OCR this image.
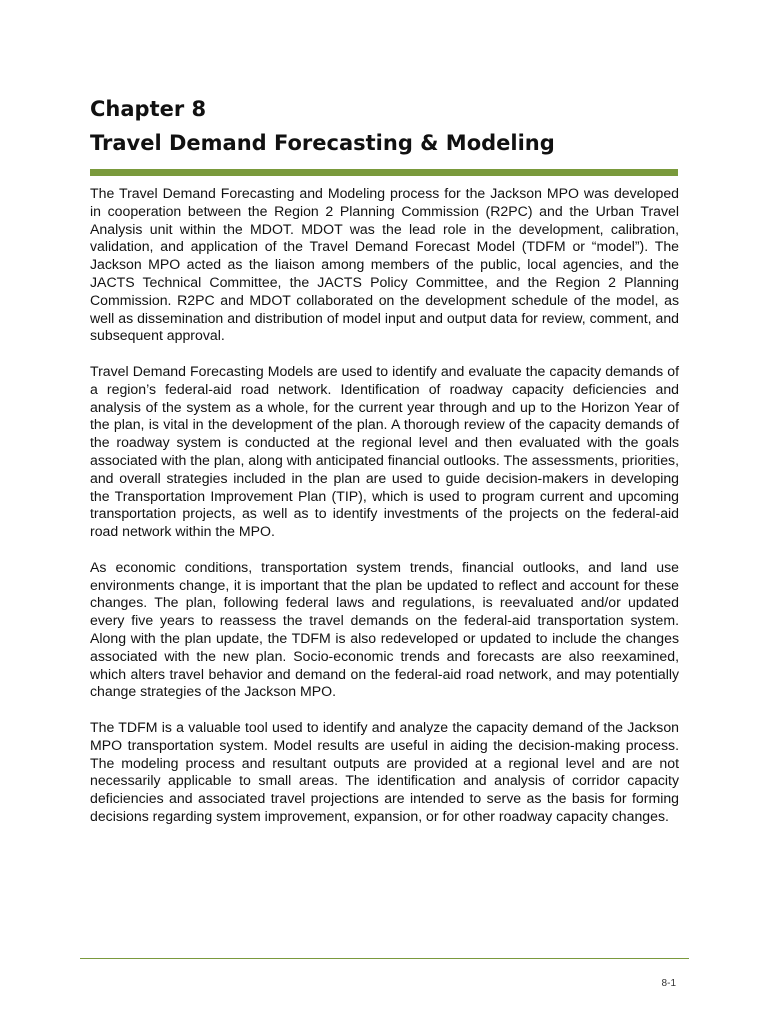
Chapter 8
Travel Demand Forecasting & Modeling

The Travel Demand Forecasting and Modeling process for the Jackson MPO was developed in cooperation between the Region 2 Planning Commission (R2PC) and the Urban Travel Analysis unit within the MDOT. MDOT was the lead role in the development, calibration, validation, and application of the Travel Demand Forecast Model (TDFM or “model”). The Jackson MPO acted as the liaison among members of the public, local agencies, and the JACTS Technical Committee, the JACTS Policy Committee, and the Region 2 Planning Commission. R2PC and MDOT collaborated on the development schedule of the model, as well as dissemination and distribution of model input and output data for review, comment, and subsequent approval.

Travel Demand Forecasting Models are used to identify and evaluate the capacity demands of a region’s federal-aid road network. Identification of roadway capacity deficiencies and analysis of the system as a whole, for the current year through and up to the Horizon Year of the plan, is vital in the development of the plan. A thorough review of the capacity demands of the roadway system is conducted at the regional level and then evaluated with the goals associated with the plan, along with anticipated financial outlooks. The assessments, priorities, and overall strategies included in the plan are used to guide decision-makers in developing the Transportation Improvement Plan (TIP), which is used to program current and upcoming transportation projects, as well as to identify investments of the projects on the federal-aid road network within the MPO.

As economic conditions, transportation system trends, financial outlooks, and land use environments change, it is important that the plan be updated to reflect and account for these changes. The plan, following federal laws and regulations, is reevaluated and/or updated every five years to reassess the travel demands on the federal-aid transportation system. Along with the plan update, the TDFM is also redeveloped or updated to include the changes associated with the new plan. Socio-economic trends and forecasts are also reexamined, which alters travel behavior and demand on the federal-aid road network, and may potentially change strategies of the Jackson MPO.

The TDFM is a valuable tool used to identify and analyze the capacity demand of the Jackson MPO transportation system. Model results are useful in aiding the decision-making process. The modeling process and resultant outputs are provided at a regional level and are not necessarily applicable to small areas. The identification and analysis of corridor capacity deficiencies and associated travel projections are intended to serve as the basis for forming decisions regarding system improvement, expansion, or for other roadway capacity changes.

8-1
